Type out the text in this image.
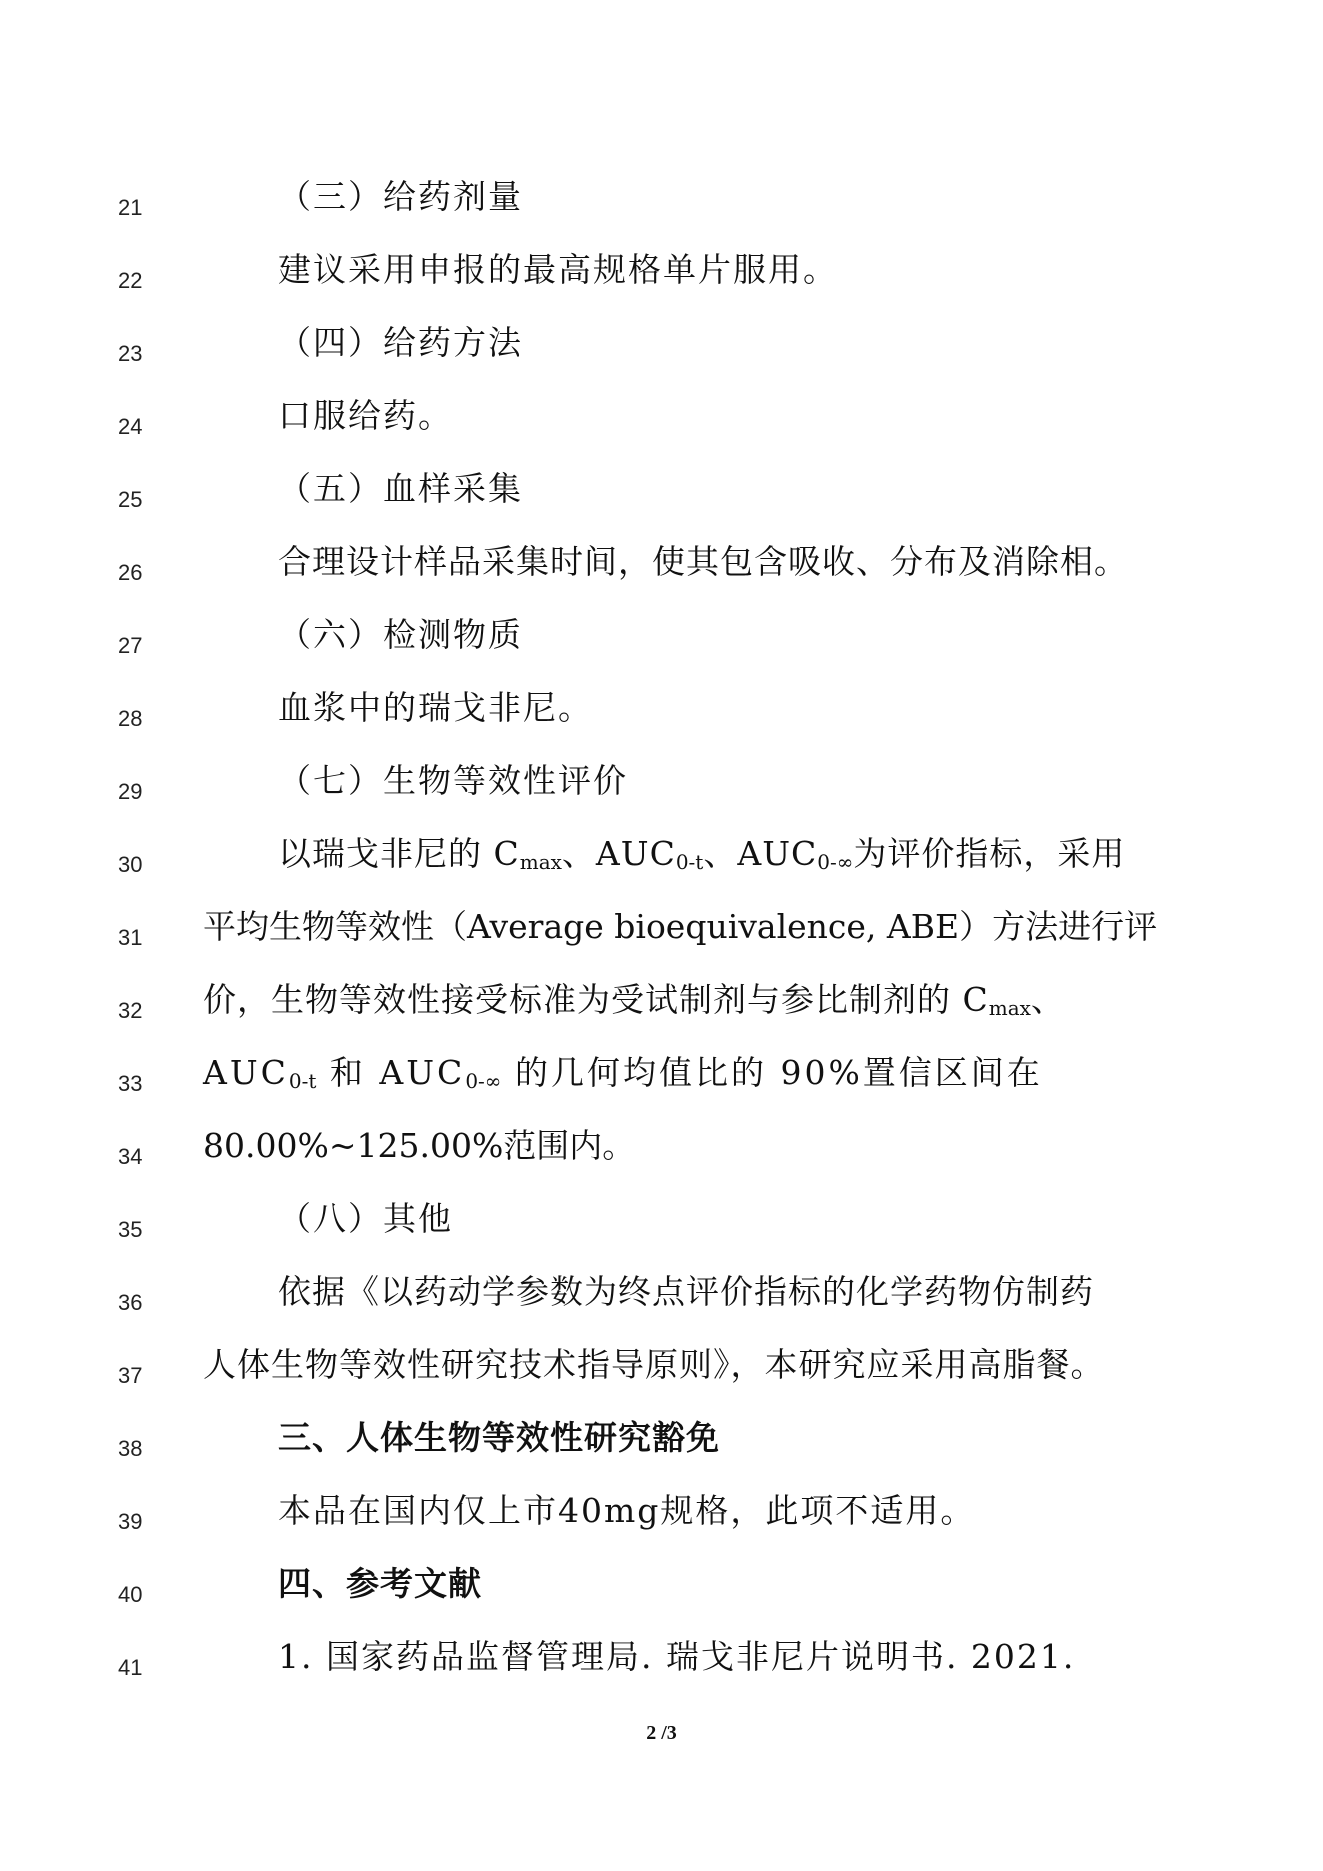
21	（三）给药剂量
22	建议采用申报的最高规格单片服用。
23	（四）给药方法
24	口服给药。
25	（五）血样采集
26	合理设计样品采集时间，使其包含吸收、分布及消除相。
27	（六）检测物质
28	血浆中的瑞戈非尼。
29	（七）生物等效性评价
30	以瑞戈非尼的 $C_{max}$、$AUC_{0-t}$、$AUC_{0-\infty}$为评价指标，采用
31	平均生物等效性（Average bioequivalence, ABE）方法进行评
32	价，生物等效性接受标准为受试制剂与参比制剂的 $C_{max}$、
33	$AUC_{0-t}$ 和 $AUC_{0-\infty}$ 的几何均值比的 90%置信区间在
34	80.00%~125.00%范围内。
35	（八）其他
36	依据《以药动学参数为终点评价指标的化学药物仿制药
37	人体生物等效性研究技术指导原则》，本研究应采用高脂餐。
38	三、人体生物等效性研究豁免
39	本品在国内仅上市40mg规格，此项不适用。
40	四、参考文献
41	1. 国家药品监督管理局. 瑞戈非尼片说明书. 2021.
2 /3
